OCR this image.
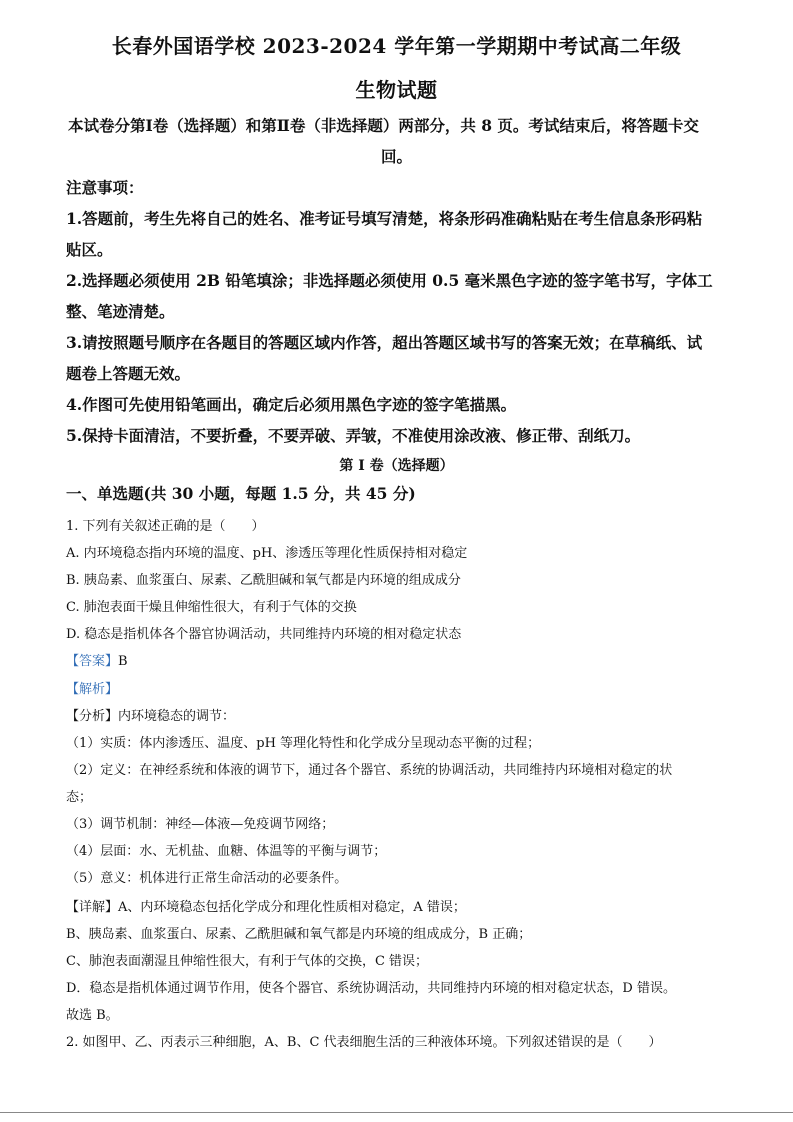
长春外国语学校 2023-2024 学年第一学期期中考试高二年级
生物试题
本试卷分第Ⅰ卷（选择题）和第Ⅱ卷（非选择题）两部分，共 8 页。考试结束后，将答题卡交
回。
注意事项：
1.答题前，考生先将自己的姓名、准考证号填写清楚，将条形码准确粘贴在考生信息条形码粘
贴区。
2.选择题必须使用 2B 铅笔填涂；非选择题必须使用 0.5 毫米黑色字迹的签字笔书写，字体工
整、笔迹清楚。
3.请按照题号顺序在各题目的答题区域内作答，超出答题区域书写的答案无效；在草稿纸、试
题卷上答题无效。
4.作图可先使用铅笔画出，确定后必须用黑色字迹的签字笔描黑。
5.保持卡面清洁，不要折叠，不要弄破、弄皱，不准使用涂改液、修正带、刮纸刀。
第 I 卷（选择题）
一、单选题(共 30 小题，每题 1.5 分，共 45 分)
1. 下列有关叙述正确的是（　　）
A. 内环境稳态指内环境的温度、pH、渗透压等理化性质保持相对稳定
B. 胰岛素、血浆蛋白、尿素、乙酰胆碱和氧气都是内环境的组成成分
C. 肺泡表面干燥且伸缩性很大，有利于气体的交换
D. 稳态是指机体各个器官协调活动，共同维持内环境的相对稳定状态
【答案】B
【解析】
【分析】内环境稳态的调节：
（1）实质：体内渗透压、温度、pH 等理化特性和化学成分呈现动态平衡的过程；
（2）定义：在神经系统和体液的调节下，通过各个器官、系统的协调活动，共同维持内环境相对稳定的状
态；
（3）调节机制：神经—体液—免疫调节网络；
（4）层面：水、无机盐、血糖、体温等的平衡与调节；
（5）意义：机体进行正常生命活动的必要条件。
【详解】A、内环境稳态包括化学成分和理化性质相对稳定，A 错误；
B、胰岛素、血浆蛋白、尿素、乙酰胆碱和氧气都是内环境的组成成分，B 正确；
C、肺泡表面潮湿且伸缩性很大，有利于气体的交换，C 错误；
D．稳态是指机体通过调节作用，使各个器官、系统协调活动，共同维持内环境的相对稳定状态，D 错误。
故选 B。
2. 如图甲、乙、丙表示三种细胞，A、B、C 代表细胞生活的三种液体环境。下列叙述错误的是（　　）
